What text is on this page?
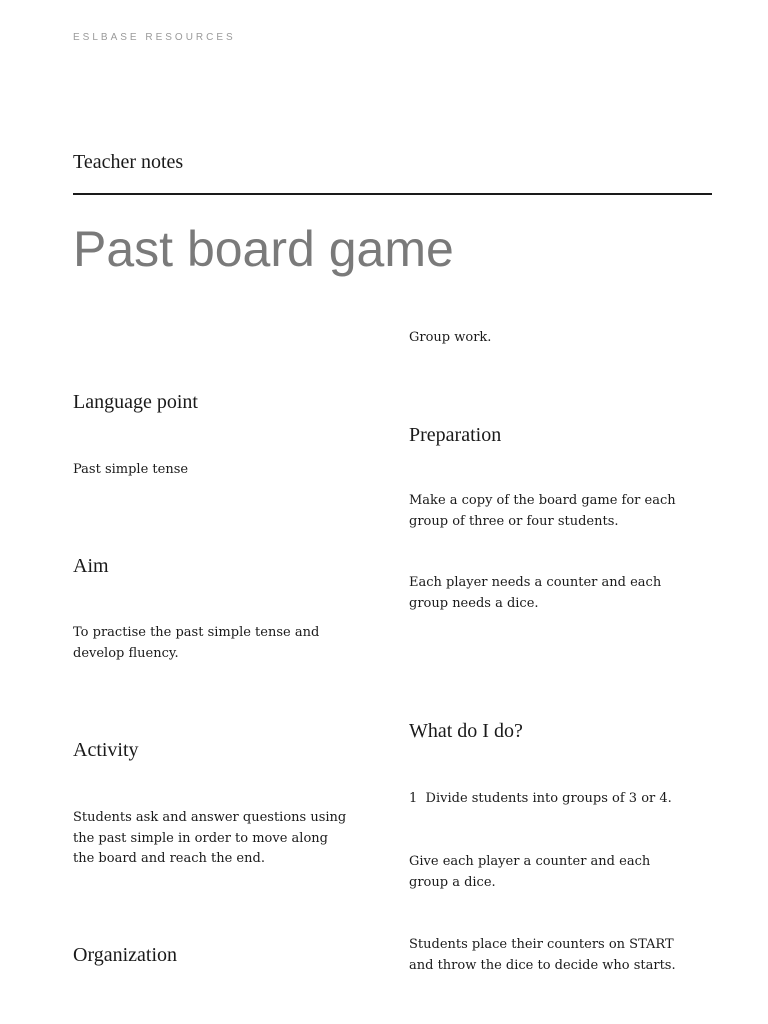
ESLBASE RESOURCES
Teacher notes
Past board game
Language point
Past simple tense
Aim
To practise the past simple tense and
develop fluency.
Activity
Students ask and answer questions using
the past simple in order to move along
the board and reach the end.
Organization
Group work.
Preparation
Make a copy of the board game for each
group of three or four students.
Each player needs a counter and each
group needs a dice.
What do I do?
1  Divide students into groups of 3 or 4.
Give each player a counter and each
group a dice.
Students place their counters on START
and throw the dice to decide who starts.
